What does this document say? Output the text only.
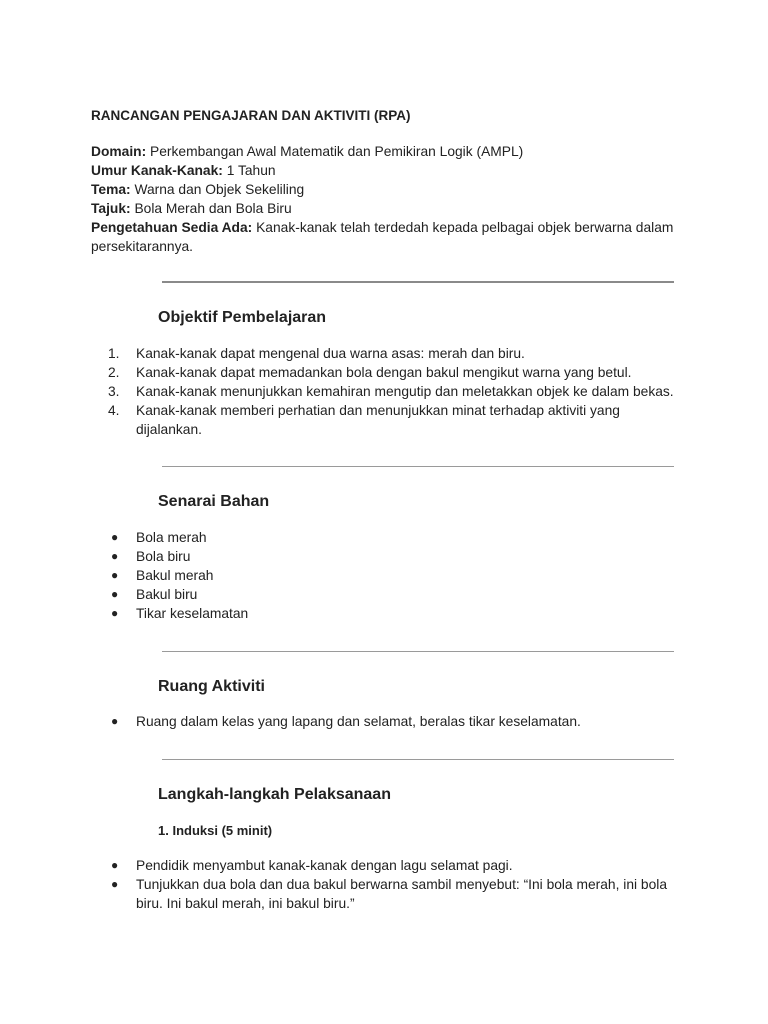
RANCANGAN PENGAJARAN DAN AKTIVITI (RPA)

Domain: Perkembangan Awal Matematik dan Pemikiran Logik (AMPL)

Umur Kanak-Kanak: 1 Tahun

Tema: Warna dan Objek Sekeliling

Tajuk: Bola Merah dan Bola Biru

Pengetahuan Sedia Ada: Kanak-kanak telah terdedah kepada pelbagai objek berwarna dalam persekitarannya.

Objektif Pembelajaran
1.	Kanak-kanak dapat mengenal dua warna asas: merah dan biru.
2.	Kanak-kanak dapat memadankan bola dengan bakul mengikut warna yang betul.
3.	Kanak-kanak menunjukkan kemahiran mengutip dan meletakkan objek ke dalam bekas.
4.	Kanak-kanak memberi perhatian dan menunjukkan minat terhadap aktiviti yang dijalankan.
Senarai Bahan
●	Bola merah
●	Bola biru
●	Bakul merah
●	Bakul biru
●	Tikar keselamatan
Ruang Aktiviti
●	Ruang dalam kelas yang lapang dan selamat, beralas tikar keselamatan.
Langkah-langkah Pelaksanaan
1. Induksi (5 minit)
●	Pendidik menyambut kanak-kanak dengan lagu selamat pagi.
●	Tunjukkan dua bola dan dua bakul berwarna sambil menyebut: “Ini bola merah, ini bola biru. Ini bakul merah, ini bakul biru.”
